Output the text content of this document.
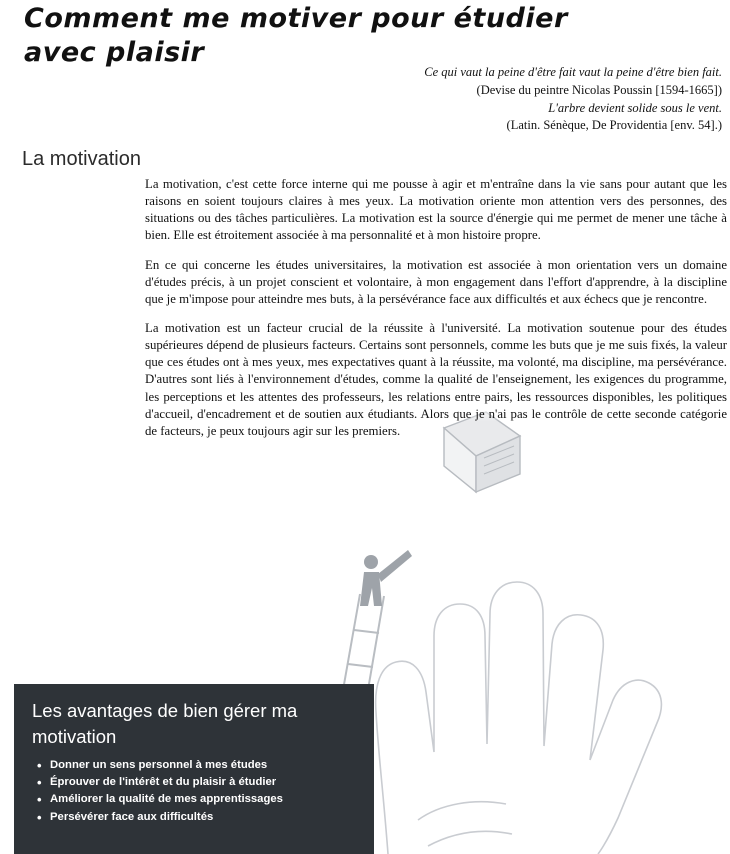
Comment me motiver pour étudier
avec plaisir
Ce qui vaut la peine d'être fait vaut la peine d'être bien fait.
(Devise du peintre Nicolas Poussin [1594-1665])
L'arbre devient solide sous le vent.
(Latin. Sénèque, De Providentia [env. 54].)
La motivation

La motivation, c'est cette force interne qui me pousse à agir et m'entraîne dans la vie sans pour autant que les raisons en soient toujours claires à mes yeux. La motivation oriente mon attention vers des personnes, des situations ou des tâches particulières. La motivation est la source d'énergie qui me permet de mener une tâche à bien. Elle est étroitement associée à ma personnalité et à mon histoire propre.

En ce qui concerne les études universitaires, la motivation est associée à mon orientation vers un domaine d'études précis, à un projet conscient et volontaire, à mon engagement dans l'effort d'apprendre, à la discipline que je m'impose pour atteindre mes buts, à la persévérance face aux difficultés et aux échecs que je rencontre.

La motivation est un facteur crucial de la réussite à l'université. La motivation soutenue pour des études supérieures dépend de plusieurs facteurs. Certains sont personnels, comme les buts que je me suis fixés, la valeur que ces études ont à mes yeux, mes expectatives quant à la réussite, ma volonté, ma discipline, ma persévérance. D'autres sont liés à l'environnement d'études, comme la qualité de l'enseignement, les exigences du programme, les perceptions et les attentes des professeurs, les relations entre pairs, les ressources disponibles, les politiques d'accueil, d'encadrement et de soutien aux étudiants. Alors que je n'ai pas le contrôle de cette seconde catégorie de facteurs, je peux toujours agir sur les premiers.

Les avantages de bien gérer ma motivation
• Donner un sens personnel à mes études
• Éprouver de l'intérêt et du plaisir à étudier
• Améliorer la qualité de mes apprentissages
• Persévérer face aux difficultés
